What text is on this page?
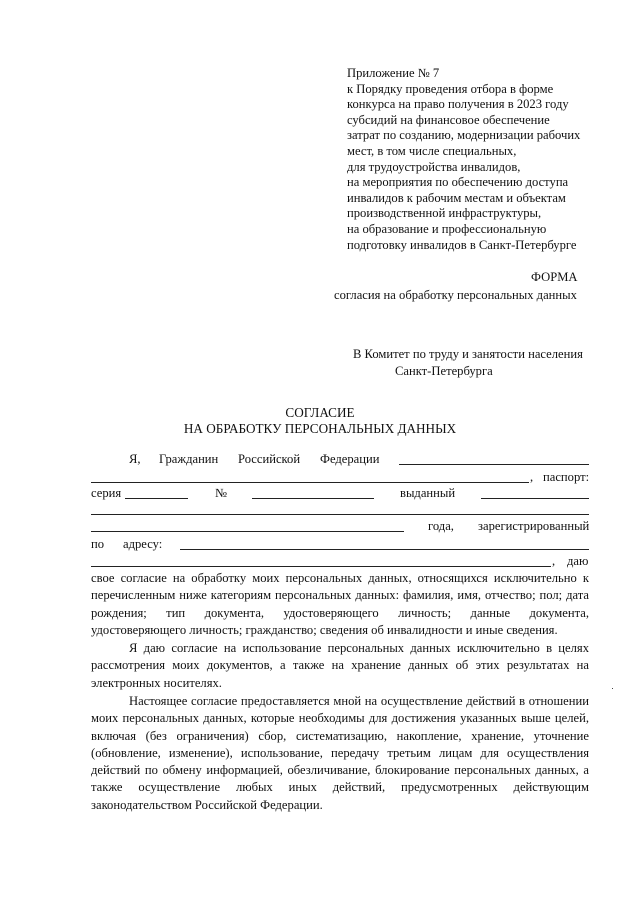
Приложение № 7
к Порядку проведения отбора в форме
конкурса на право получения в 2023 году
субсидий на финансовое обеспечение
затрат по созданию, модернизации рабочих
мест, в том числе специальных,
для трудоустройства инвалидов,
на мероприятия по обеспечению доступа
инвалидов к рабочим местам и объектам
производственной инфраструктуры,
на образование и профессиональную
подготовку инвалидов в Санкт-Петербурге
ФОРМА
согласия на обработку персональных данных
В Комитет по труду и занятости населения
Санкт-Петербурга
СОГЛАСИЕ
НА ОБРАБОТКУ ПЕРСОНАЛЬНЫХ ДАННЫХ
Я, Гражданин Российской Федерации
, паспорт:
серия	№	выданный
года, зарегистрированный
по адресу:
, даю

свое согласие на обработку моих персональных данных, относящихся исключительно к перечисленным ниже категориям персональных данных: фамилия, имя, отчество; пол; дата рождения; тип документа, удостоверяющего личность; данные документа, удостоверяющего личность; гражданство; сведения об инвалидности и иные сведения.

Я даю согласие на использование персональных данных исключительно в целях рассмотрения моих документов, а также на хранение данных об этих результатах на электронных носителях.

Настоящее согласие предоставляется мной на осуществление действий в отношении моих персональных данных, которые необходимы для достижения указанных выше целей, включая (без ограничения) сбор, систематизацию, накопление, хранение, уточнение (обновление, изменение), использование, передачу третьим лицам для осуществления действий по обмену информацией, обезличивание, блокирование персональных данных, а также осуществление любых иных действий, предусмотренных действующим законодательством Российской Федерации.
